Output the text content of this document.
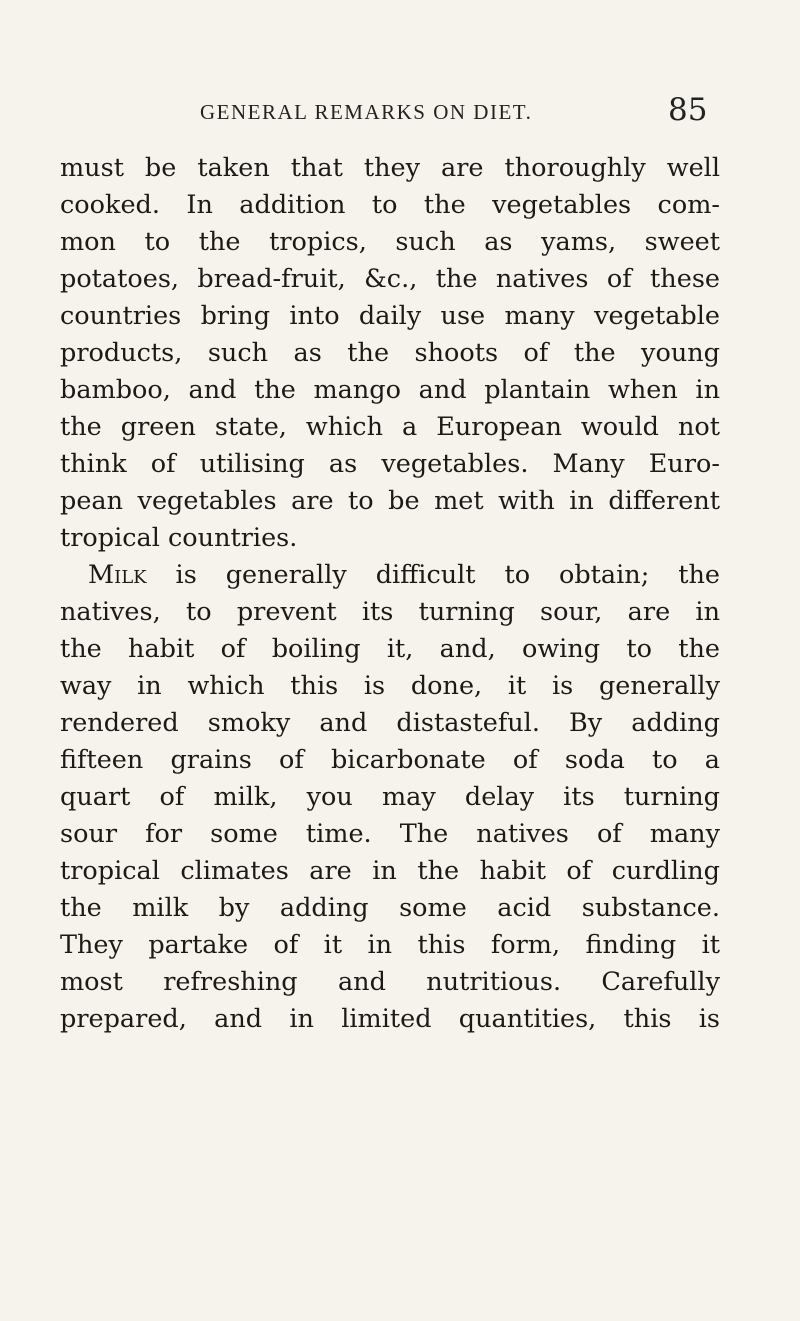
GENERAL REMARKS ON DIET.	85
must be taken that they are thoroughly well
cooked. In addition to the vegetables com-
mon to the tropics, such as yams, sweet
potatoes, bread-fruit, &c., the natives of these
countries bring into daily use many vegetable
products, such as the shoots of the young
bamboo, and the mango and plantain when in
the green state, which a European would not
think of utilising as vegetables. Many Euro-
pean vegetables are to be met with in different
tropical countries.
Milk is generally difficult to obtain; the
natives, to prevent its turning sour, are in
the habit of boiling it, and, owing to the
way in which this is done, it is generally
rendered smoky and distasteful. By adding
fifteen grains of bicarbonate of soda to a
quart of milk, you may delay its turning
sour for some time. The natives of many
tropical climates are in the habit of curdling
the milk by adding some acid substance.
They partake of it in this form, finding it
most refreshing and nutritious. Carefully
prepared, and in limited quantities, this is
